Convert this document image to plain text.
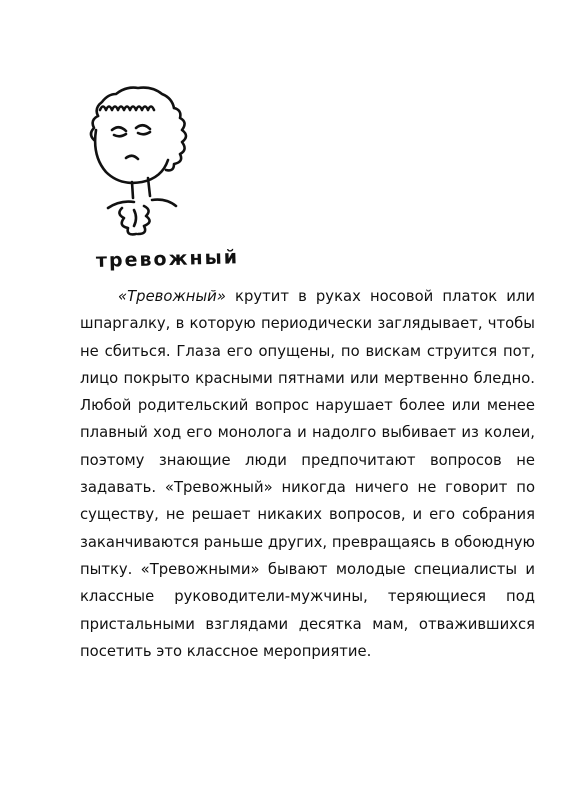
тревожный

«Тревожный» крутит в руках носовой платок или шпаргалку, в которую периодически заглядывает, чтобы не сбиться. Глаза его опущены, по вискам струится пот, лицо покрыто красными пятнами или мертвенно бледно. Любой родительский вопрос нарушает более или менее плавный ход его монолога и надолго выбивает из колеи, поэтому знающие люди предпочитают вопросов не задавать. «Тревожный» никогда ничего не говорит по существу, не решает никаких вопросов, и его собрания заканчиваются раньше других, превращаясь в обоюдную пытку. «Тревожными» бывают молодые специалисты и классные руководители-мужчины, теряющиеся под пристальными взглядами десятка мам, отважившихся посетить это классное мероприятие.
